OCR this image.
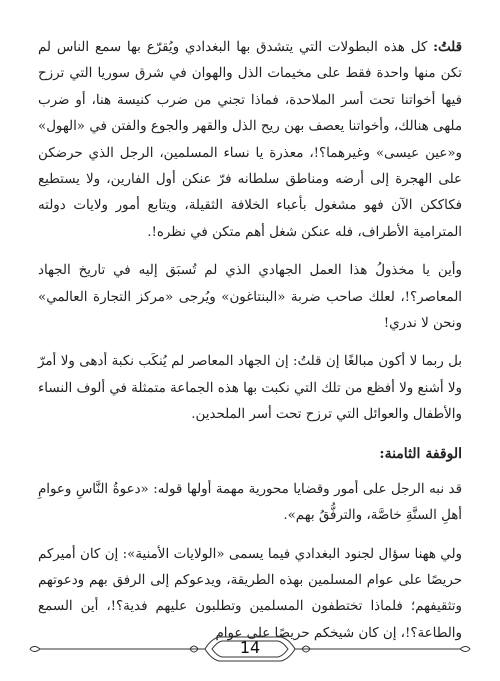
قلتُ: كل هذه البطولات التي يتشدق بها البغدادي ويُقرّع بها سمع الناس لم تكن منها واحدة فقط على مخيمات الذل والهوان في شرق سوريا التي ترزح فيها أخواتنا تحت أسر الملاحدة، فماذا تجني من ضرب كنيسة هنا، أو ضرب ملهى هنالك، وأخواتنا يعصف بهن ريح الذل والقهر والجوع والفتن في «الهول» و«عين عيسى» وغيرهما؟!، معذرة يا نساء المسلمين، الرجل الذي حرضكن على الهجرة إلى أرضه ومناطق سلطانه فرّ عنكن أول الفارين، ولا يستطيع فكاككن الآن فهو مشغول بأعباء الخلافة الثقيلة، ويتابع أمور ولايات دولته المترامية الأطراف، فله عنكن شغل أهم متكن في نظره!.

وأين يا مخذولُ هذا العمل الجهادي الذي لم تُسبَق إليه في تاريخ الجهاد المعاصر؟!، لعلك صاحب ضربة «البنتاغون» ويُرجى «مركز التجارة العالمي» ونحن لا ندري!

بل ربما لا أكون مبالغًا إن قلتُ: إن الجهاد المعاصر لم يُنكَب نكبة أدهى ولا أمرّ ولا أشنع ولا أفظع من تلك التي نكبت بها هذه الجماعة متمثلة في ألوف النساء والأطفال والعوائل التي ترزح تحت أسر الملحدين.

الوقفة الثامنة:

قد نبه الرجل على أمور وقضايا محورية مهمة أولها قوله: «دعوةُ النَّاسِ وعوامِ أهلِ السنَّةِ خاصَّة، والترفُّقُ بهم».

ولي ههنا سؤال لجنود البغدادي فيما يسمى «الولايات الأمنية»: إن كان أميركم حريصًا على عوام المسلمين بهذه الطريقة، ويدعوكم إلى الرفق بهم ودعوتهم وتثقيفهم؛ فلماذا تختطفون المسلمين وتطلبون عليهم فدية؟!، أين السمع والطاعة؟!، إن كان شيخكم حريصًا على عوام

14
